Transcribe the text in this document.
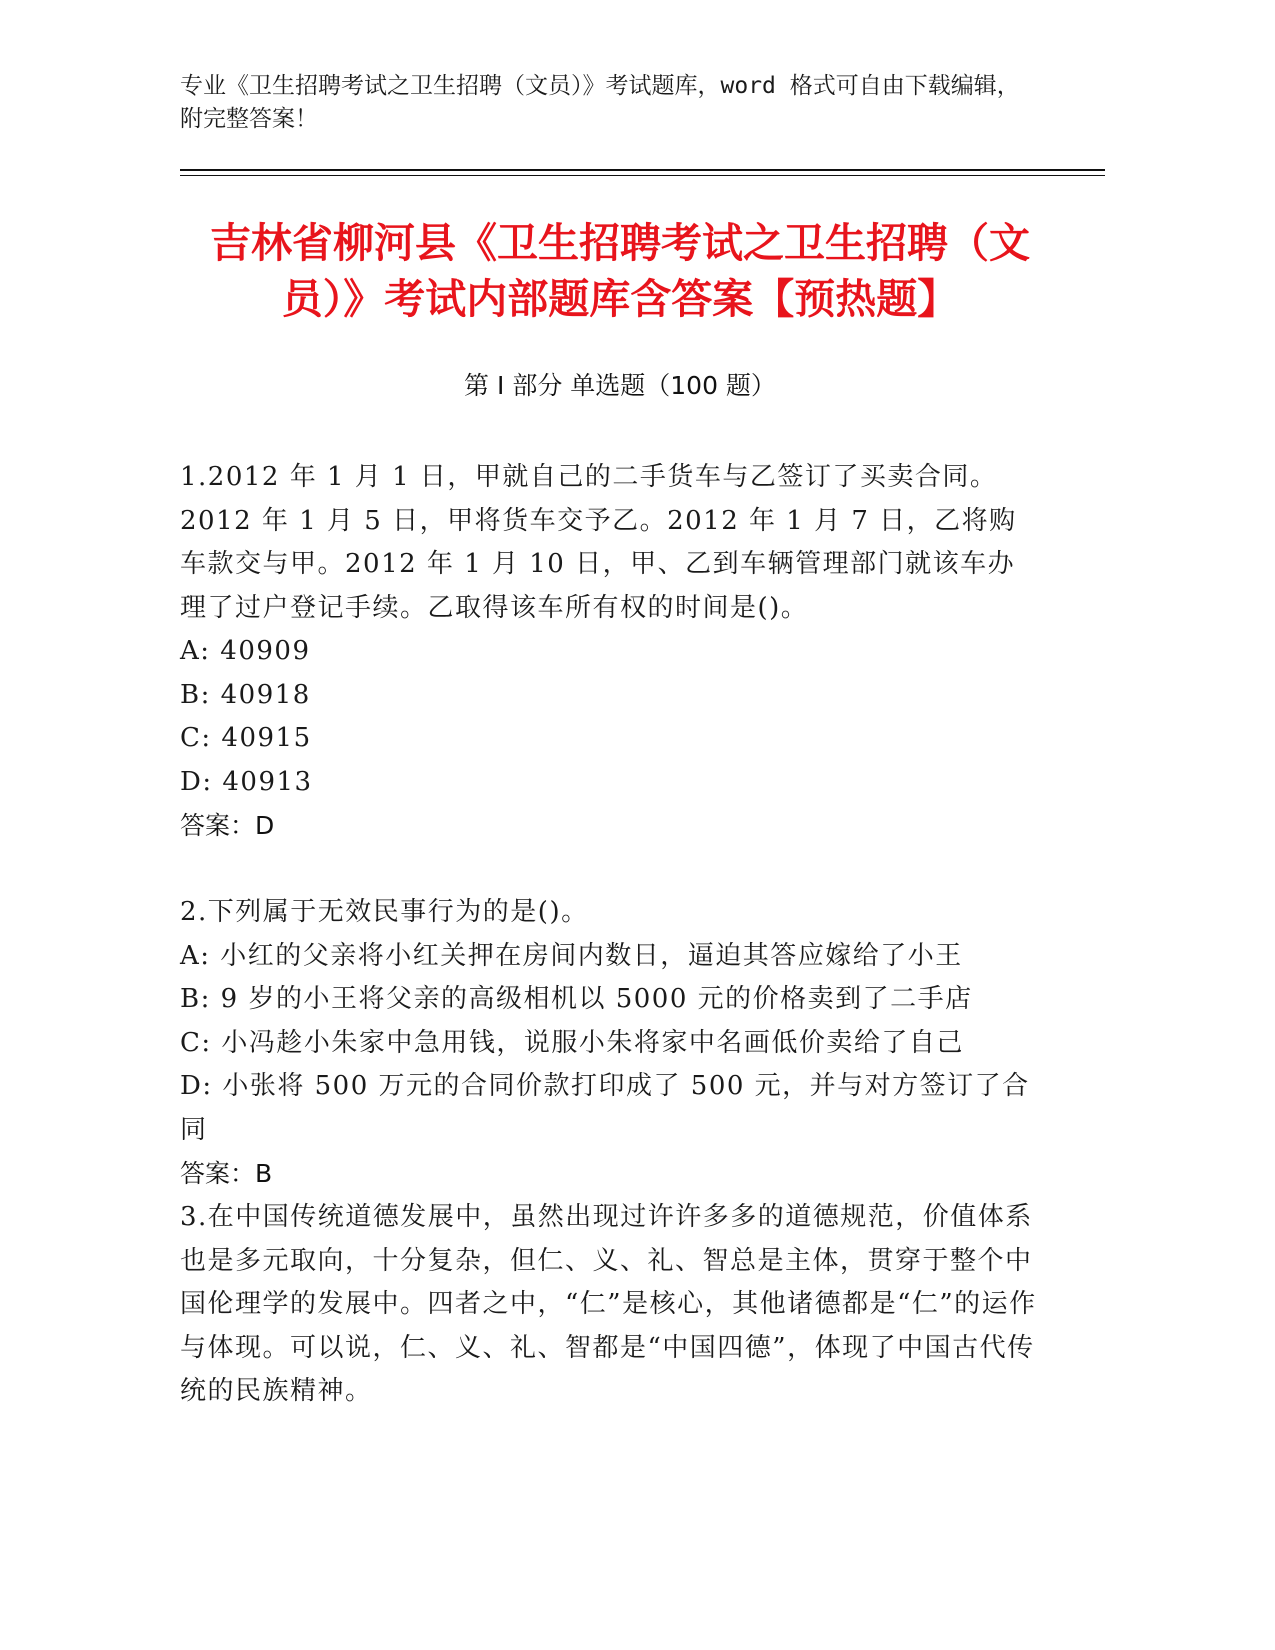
专业《卫生招聘考试之卫生招聘（文员）》考试题库，word 格式可自由下载编辑，附完整答案！
吉林省柳河县《卫生招聘考试之卫生招聘（文员）》考试内部题库含答案【预热题】
第 I 部分 单选题（100 题）

1.2012 年 1 月 1 日，甲就自己的二手货车与乙签订了买卖合同。2012 年 1 月 5 日，甲将货车交予乙。2012 年 1 月 7 日，乙将购车款交与甲。2012 年 1 月 10 日，甲、乙到车辆管理部门就该车办理了过户登记手续。乙取得该车所有权的时间是()。

A: 40909

B: 40918

C: 40915

D: 40913

答案：D

2.下列属于无效民事行为的是()。

A: 小红的父亲将小红关押在房间内数日，逼迫其答应嫁给了小王

B: 9 岁的小王将父亲的高级相机以 5000 元的价格卖到了二手店

C: 小冯趁小朱家中急用钱，说服小朱将家中名画低价卖给了自己

D: 小张将 500 万元的合同价款打印成了 500 元，并与对方签订了合同

答案：B

3.在中国传统道德发展中，虽然出现过许许多多的道德规范，价值体系也是多元取向，十分复杂，但仁、义、礼、智总是主体，贯穿于整个中国伦理学的发展中。四者之中，“仁”是核心，其他诸德都是“仁”的运作与体现。可以说，仁、义、礼、智都是“中国四德”，体现了中国古代传统的民族精神。
